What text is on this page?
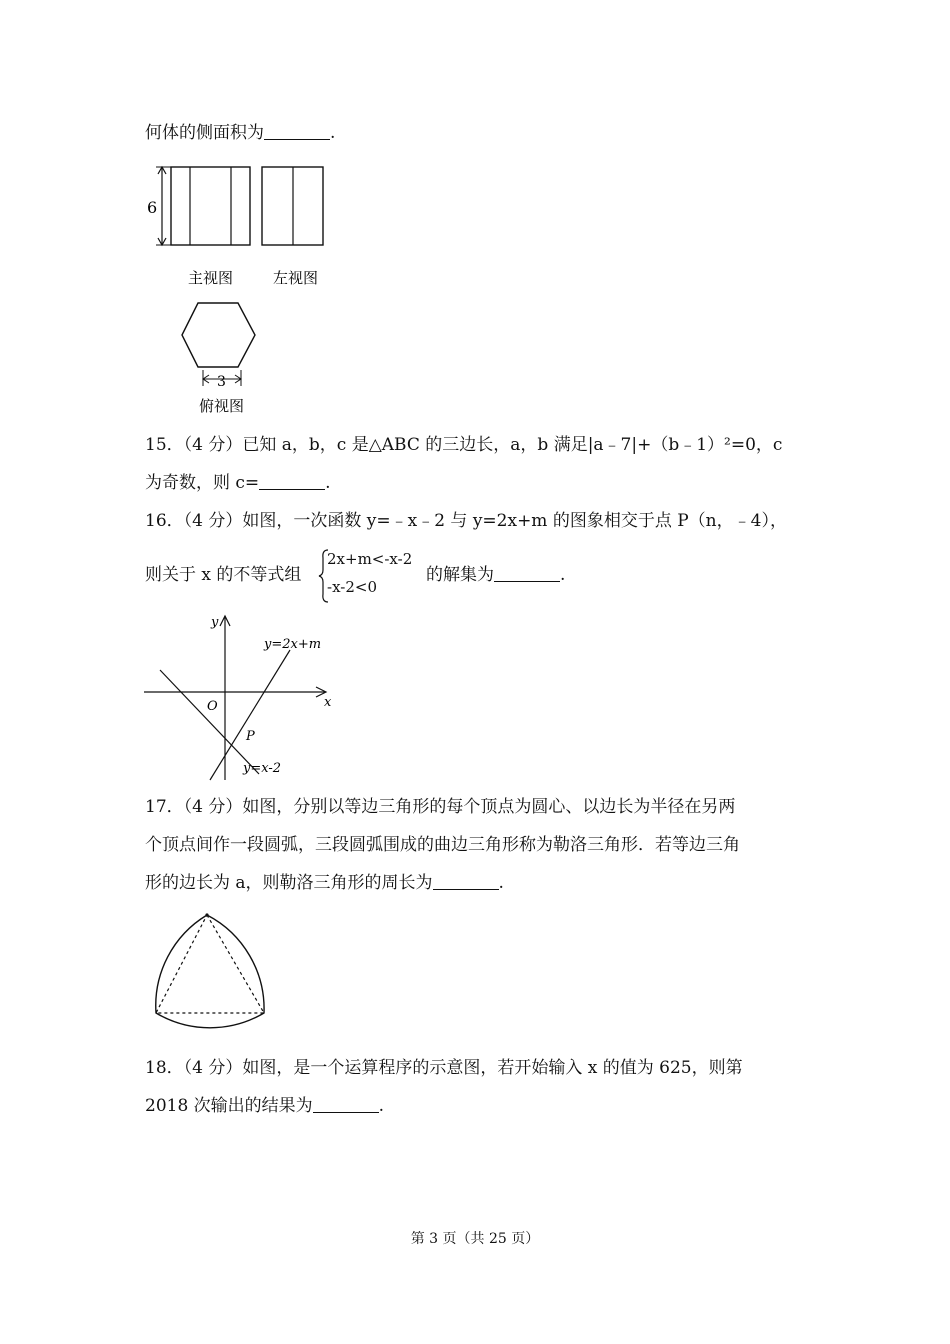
何体的侧面积为	.
6
主视图	左视图
3
俯视图
15．（4 分）已知 a，b，c 是△ABC 的三边长，a，b 满足|a﹣7|+（b﹣1）²=0，c
为奇数，则 c=	.
16．（4 分）如图，一次函数 y=﹣x﹣2 与 y=2x+m 的图象相交于点 P（n，﹣4），
则关于 x 的不等式组
2x+m<-x-2
-x-2<0
的解集为	.
y
x
O
P
y=2x+m
y=x-2
17．（4 分）如图，分别以等边三角形的每个顶点为圆心、以边长为半径在另两
个顶点间作一段圆弧，三段圆弧围成的曲边三角形称为勒洛三角形．若等边三角
形的边长为 a，则勒洛三角形的周长为	.
18．（4 分）如图，是一个运算程序的示意图，若开始输入 x 的值为 625，则第
2018 次输出的结果为	.
第 3 页（共 25 页）
